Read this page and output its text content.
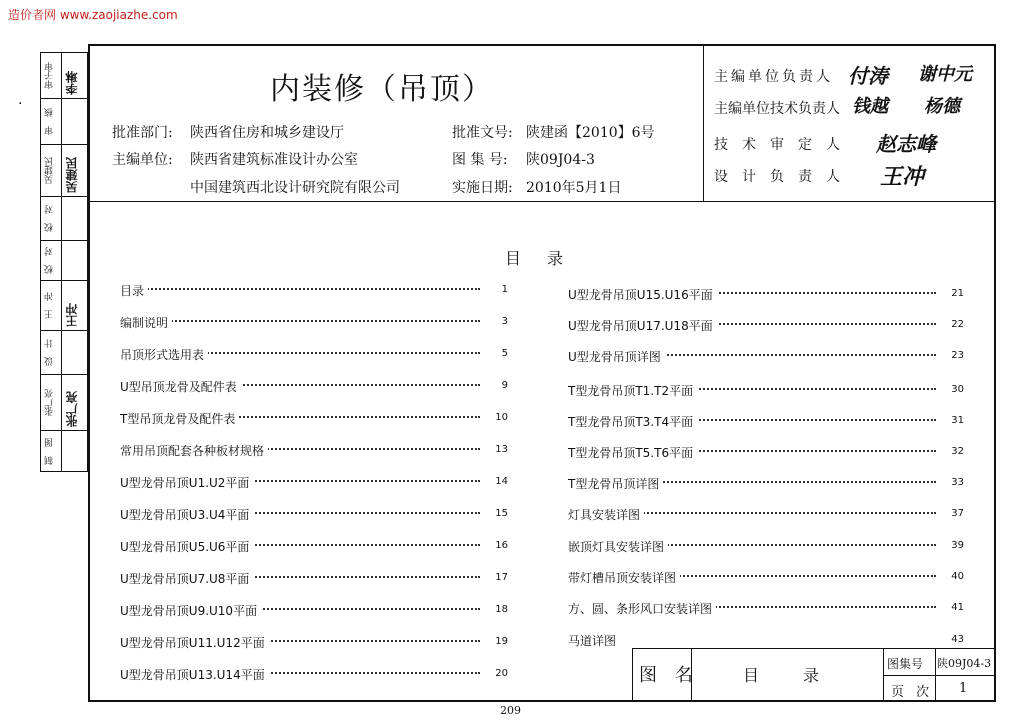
造价者网 www.zaojiazhe.com
·
审子审 李琳
审　核
吴建民 吴建民
校　对
校　对
王　冲 王冲
设　计
张广亮 张广亮
制　图
内装修（吊顶）
批准部门: 陕西省住房和城乡建设厅
主编单位: 陕西省建筑标准设计办公室
中国建筑西北设计研究院有限公司
批准文号: 陕建函【2010】6号
图 集 号: 陕09J04-3
实施日期: 2010年5月1日
主编单位负责人 付涛 谢中元
主编单位技术负责人 钱越 杨德
技术审定人 赵志峰
设计负责人 王冲
目录
目录	1
编制说明	3
吊顶形式选用表	5
U型吊顶龙骨及配件表	9
T型吊顶龙骨及配件表	10
常用吊顶配套各种板材规格	13
U型龙骨吊顶U1.U2平面	14
U型龙骨吊顶U3.U4平面	15
U型龙骨吊顶U5.U6平面	16
U型龙骨吊顶U7.U8平面	17
U型龙骨吊顶U9.U10平面	18
U型龙骨吊顶U11.U12平面	19
U型龙骨吊顶U13.U14平面	20
U型龙骨吊顶U15.U16平面	21
U型龙骨吊顶U17.U18平面	22
U型龙骨吊顶详图	23
T型龙骨吊顶T1.T2平面	30
T型龙骨吊顶T3.T4平面	31
T型龙骨吊顶T5.T6平面	32
T型龙骨吊顶详图	33
灯具安装详图	37
嵌顶灯具安装详图	39
带灯槽吊顶安装详图	40
方、圆、条形风口安装详图	41
马道详图	43
图 名	目　录
图集号 陕09J04-3
页 次 1
209
